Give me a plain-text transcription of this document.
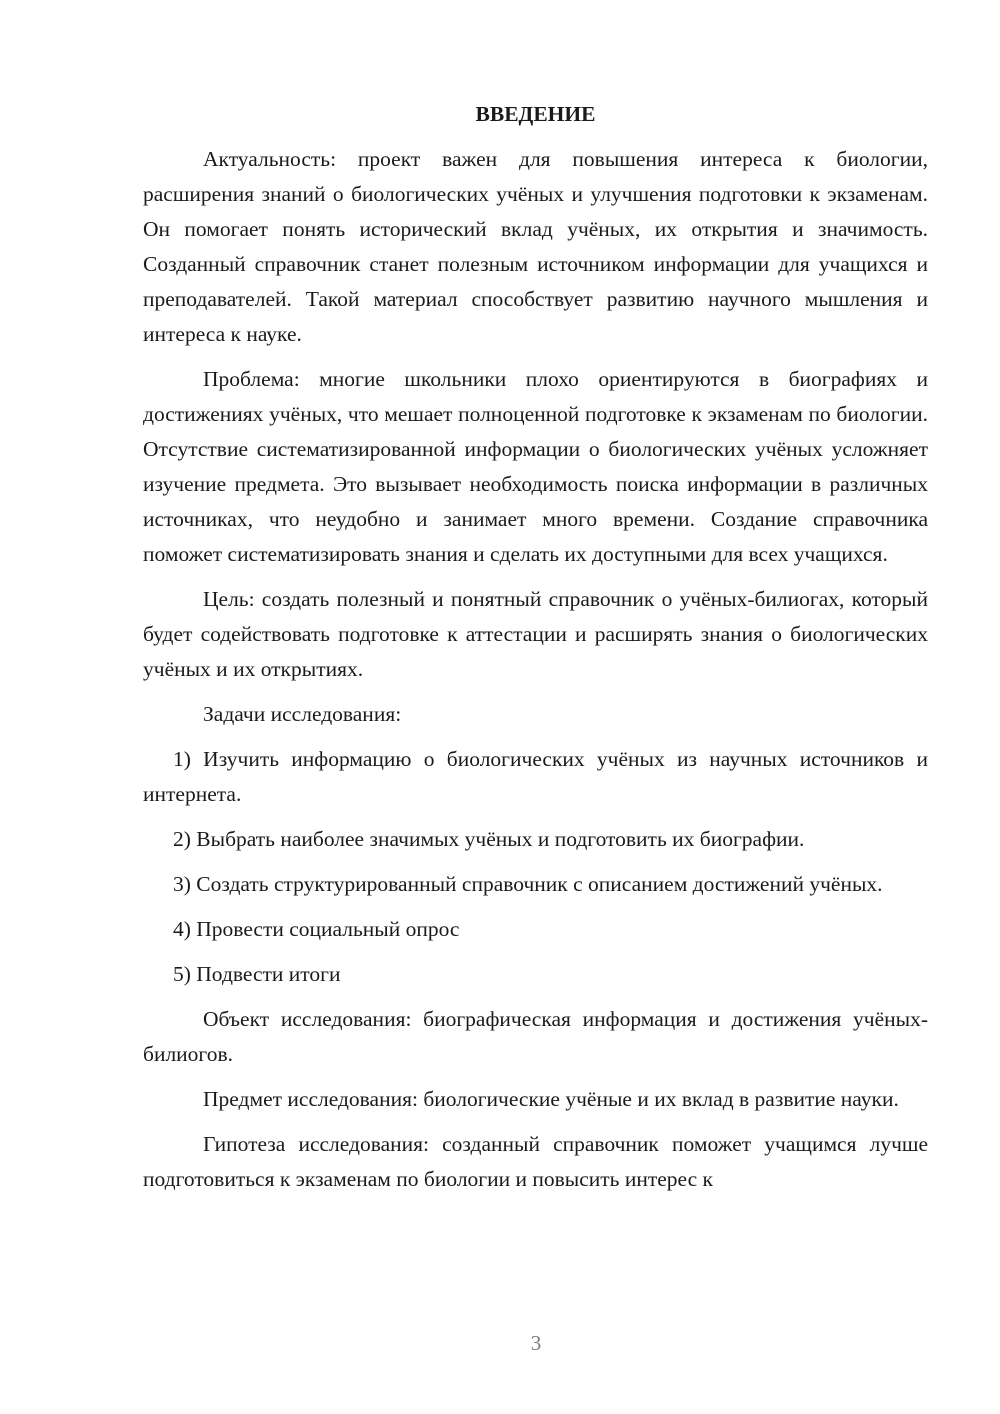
ВВЕДЕНИЕ

Актуальность: проект важен для повышения интереса к биологии, расширения знаний о биологических учёных и улучшения подготовки к экзаменам. Он помогает понять исторический вклад учёных, их открытия и значимость. Созданный справочник станет полезным источником информации для учащихся и преподавателей. Такой материал способствует развитию научного мышления и интереса к науке.

Проблема: многие школьники плохо ориентируются в биографиях и достижениях учёных, что мешает полноценной подготовке к экзаменам по биологии. Отсутствие систематизированной информации о биологических учёных усложняет изучение предмета. Это вызывает необходимость поиска информации в различных источниках, что неудобно и занимает много времени. Создание справочника поможет систематизировать знания и сделать их доступными для всех учащихся.

Цель: создать полезный и понятный справочник о учёных-билиогах, который будет содействовать подготовке к аттестации и расширять знания о биологических учёных и их открытиях.

Задачи исследования:

1) Изучить информацию о биологических учёных из научных источников и интернета.

2) Выбрать наиболее значимых учёных и подготовить их биографии.

3) Создать структурированный справочник с описанием достижений учёных.

4) Провести социальный опрос

5) Подвести итоги

Объект исследования: биографическая информация и достижения учёных-билиогов.

Предмет исследования: биологические учёные и их вклад в развитие науки.

Гипотеза исследования: созданный справочник поможет учащимся лучше подготовиться к экзаменам по биологии и повысить интерес к

3
